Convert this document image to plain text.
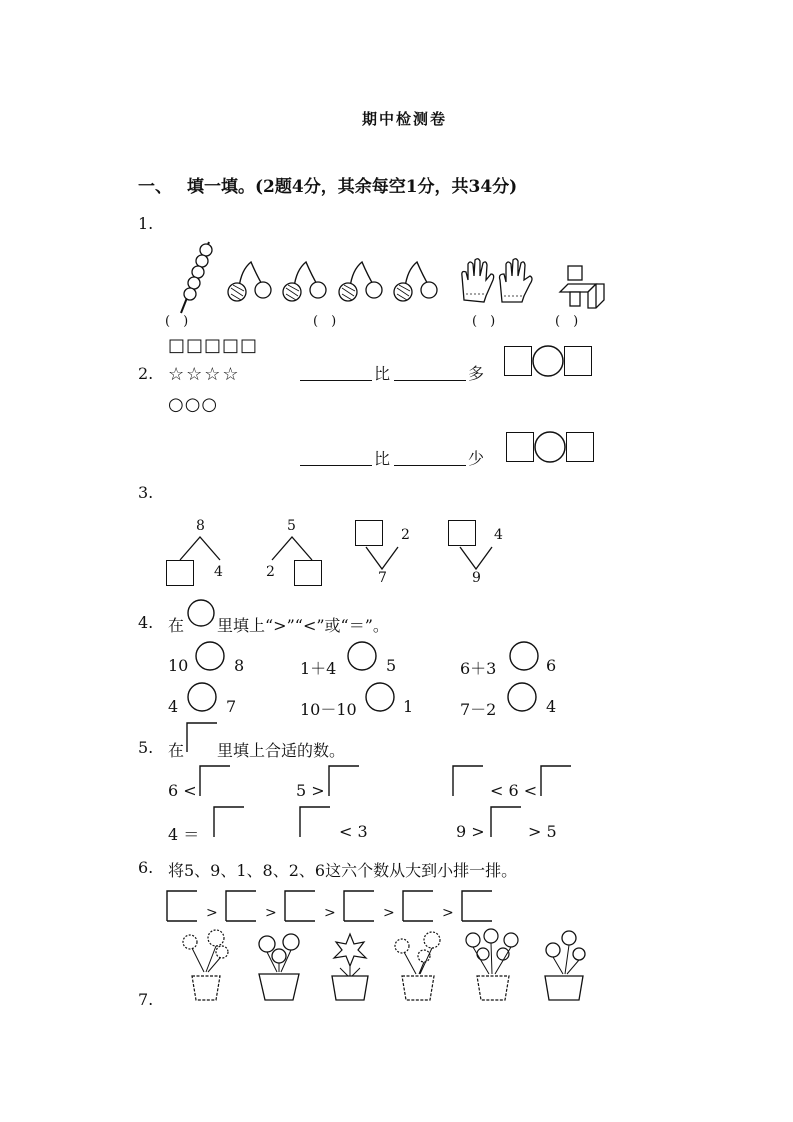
期中检测卷
一、 填一填。(2题4分，其余每空1分，共34分)
1.
(　)	(　)	(　)	(　)
□□□□□
2. ☆☆☆☆
○○○
比	多
比	少
3.
8
4
5
2
2
7
4
9
4. 在 里填上“>”“<”或“＝”。
10	8	1＋4	5	6＋3	6
4	7	10－10	1	7－2	4
5. 在 里填上合适的数。
6 <	5 >	< 6 <
4 ＝	< 3	9 >	> 5
6. 将5、9、1、8、2、6这六个数从大到小排一排。
>	>	>	>	>
7.
